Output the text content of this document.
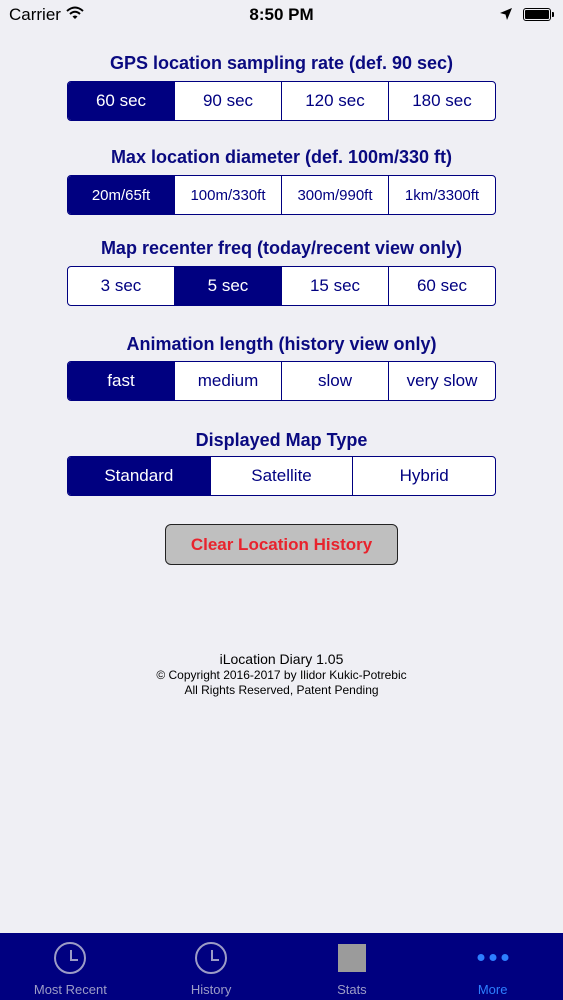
Carrier	8:50 PM
GPS location sampling rate (def. 90 sec)
60 sec	90 sec	120 sec	180 sec
Max location diameter (def. 100m/330 ft)
20m/65ft	100m/330ft	300m/990ft	1km/3300ft
Map recenter freq (today/recent view only)
3 sec	5 sec	15 sec	60 sec
Animation length (history view only)
fast	medium	slow	very slow
Displayed Map Type
Standard	Satellite	Hybrid
Clear Location History
iLocation Diary 1.05
© Copyright 2016-2017 by Ilidor Kukic-Potrebic
All Rights Reserved, Patent Pending
Most Recent	History	Stats	More
